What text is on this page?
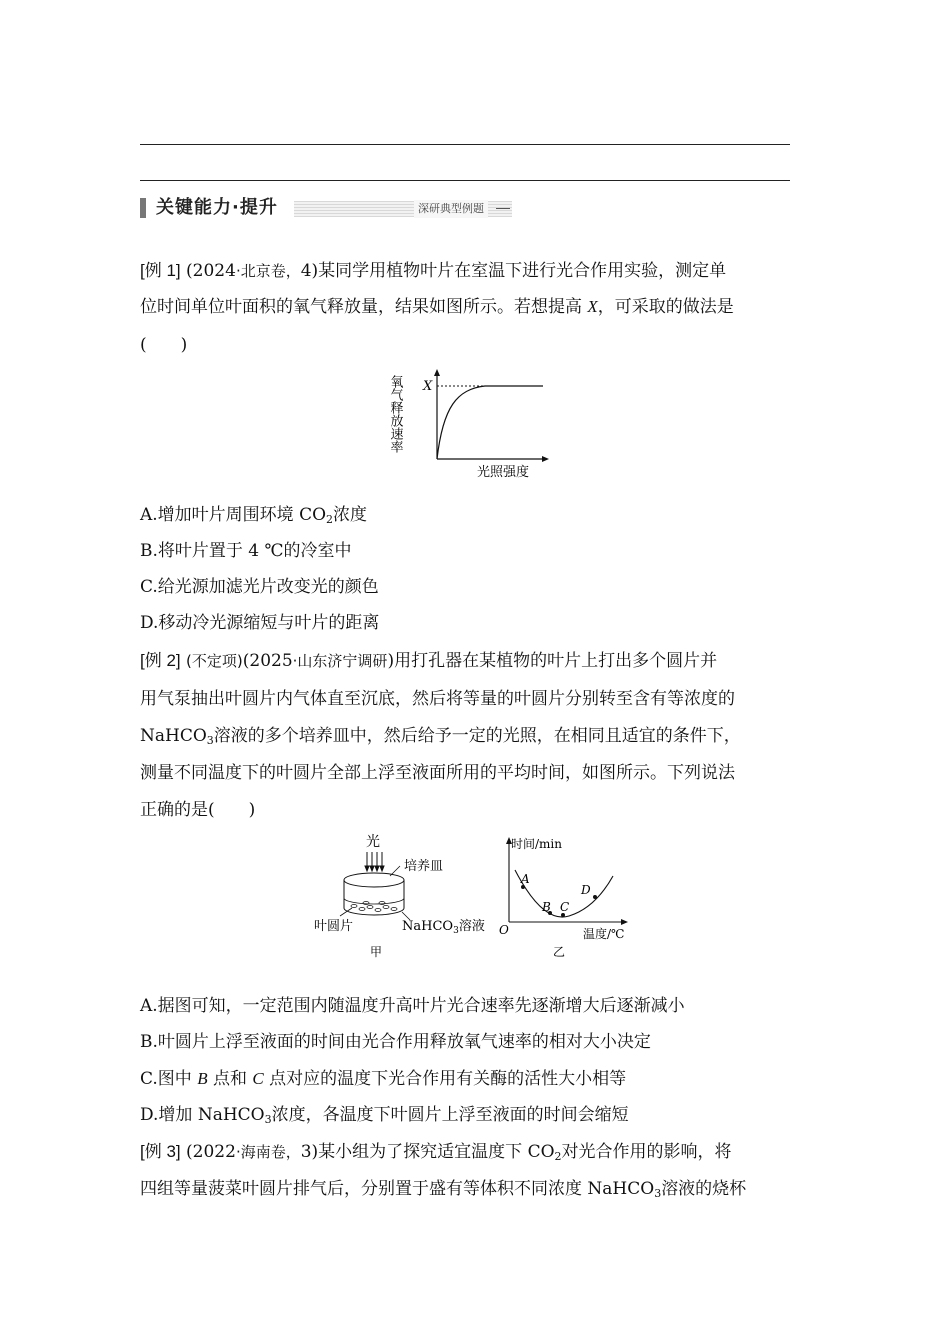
关键能力·提升	深研典型例题
[例 1] (2024·北京卷，4)某同学用植物叶片在室温下进行光合作用实验，测定单
位时间单位叶面积的氧气释放量，结果如图所示。若想提高 X，可采取的做法是
(　　)
X
氧气释放速率
光照强度
A.增加叶片周围环境 $CO_2$浓度
B.将叶片置于 4 ℃的冷室中
C.给光源加滤光片改变光的颜色
D.移动冷光源缩短与叶片的距离
[例 2] (不定项)(2025·山东济宁调研)用打孔器在某植物的叶片上打出多个圆片并
用气泵抽出叶圆片内气体直至沉底，然后将等量的叶圆片分别转至含有等浓度的
NaHCO$_3$溶液的多个培养皿中，然后给予一定的光照，在相同且适宜的条件下，
测量不同温度下的叶圆片全部上浮至液面所用的平均时间，如图所示。下列说法
正确的是(　　)
光
培养皿
叶圆片	NaHCO$_3$溶液
甲
时间/min
A
B C
D
O	温度/℃
乙
A.据图可知，一定范围内随温度升高叶片光合速率先逐渐增大后逐渐减小
B.叶圆片上浮至液面的时间由光合作用释放氧气速率的相对大小决定
C.图中 B 点和 C 点对应的温度下光合作用有关酶的活性大小相等
D.增加 NaHCO$_3$浓度，各温度下叶圆片上浮至液面的时间会缩短
[例 3] (2022·海南卷，3)某小组为了探究适宜温度下 $CO_2$对光合作用的影响，将
四组等量菠菜叶圆片排气后，分别置于盛有等体积不同浓度 NaHCO$_3$溶液的烧杯
